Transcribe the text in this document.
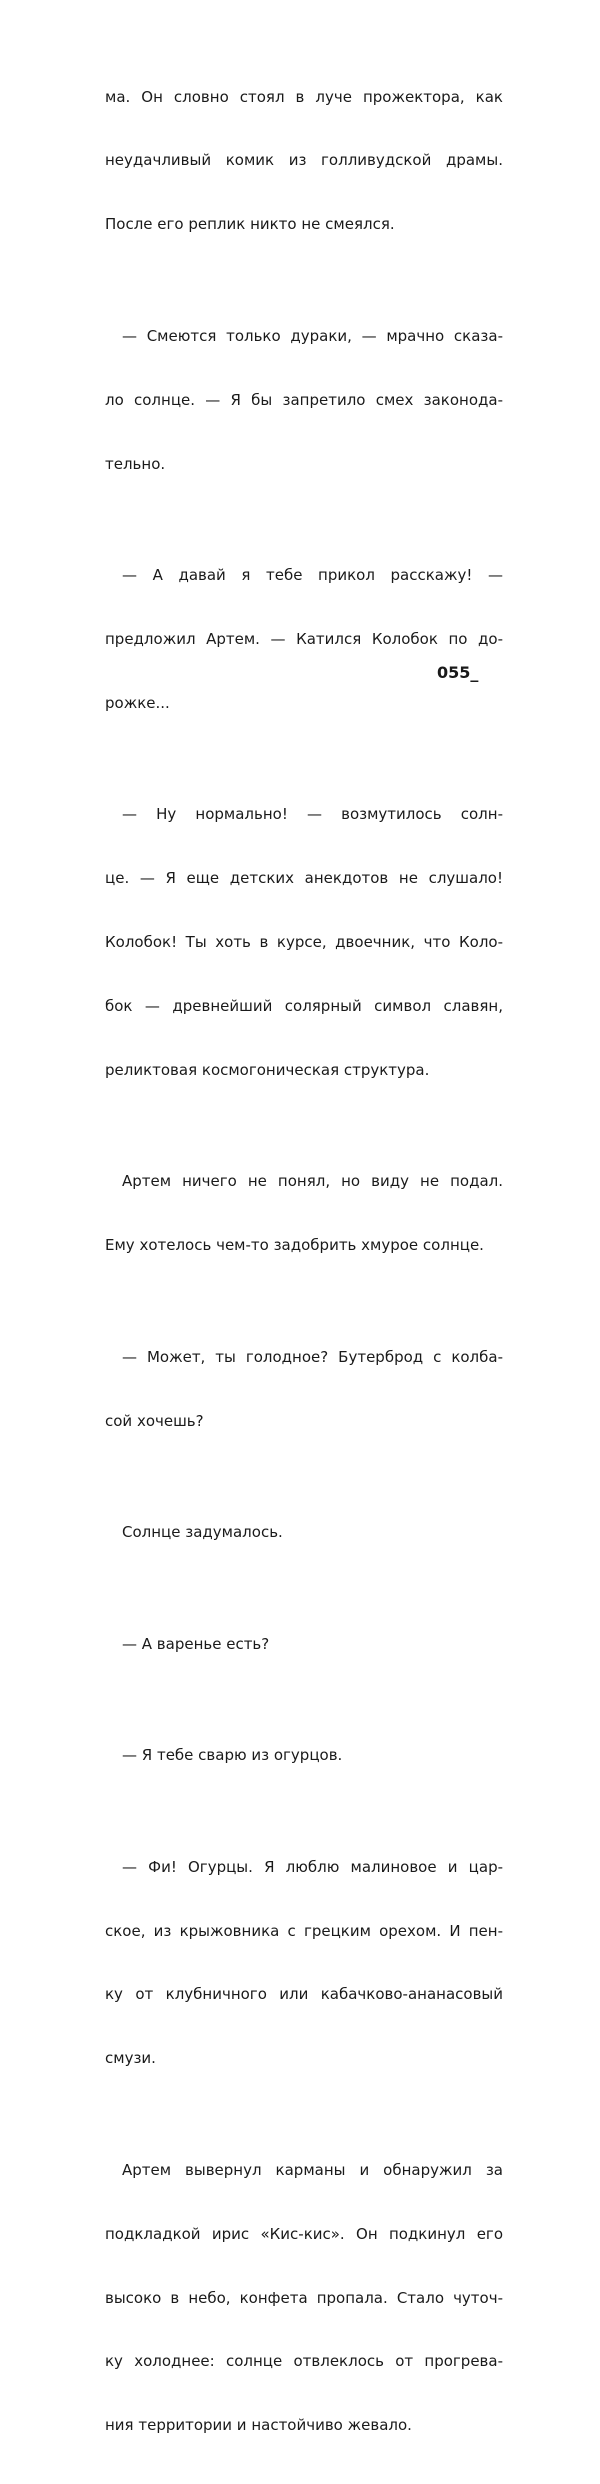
ма. Он словно стоял в луче прожектора, как

неудачливый комик из голливудской драмы.

После его реплик никто не смеялся.

— Смеются только дураки, — мрачно сказа-

ло солнце. — Я бы запретило смех законода-

тельно.

— А давай я тебе прикол расскажу! —

предложил Артем. — Катился Колобок по до-

рожке...

— Ну нормально! — возмутилось солн-

це. — Я еще детских анекдотов не слушало!

Колобок! Ты хоть в курсе, двоечник, что Коло-

бок — древнейший солярный символ славян,

реликтовая космогоническая структура.

Артем ничего не понял, но виду не подал.

Ему хотелось чем-то задобрить хмурое солнце.

— Может, ты голодное? Бутерброд с колба-

сой хочешь?

Солнце задумалось.

— А варенье есть?

— Я тебе сварю из огурцов.

— Фи! Огурцы. Я люблю малиновое и цар-

ское, из крыжовника с грецким орехом. И пен-

ку от клубничного или кабачково-ананасовый

смузи.

Артем вывернул карманы и обнаружил за

подкладкой ирис «Кис-кис». Он подкинул его

высоко в небо, конфета пропала. Стало чуточ-

ку холоднее: солнце отвлеклось от прогрева-

ния территории и настойчиво жевало.

055_
